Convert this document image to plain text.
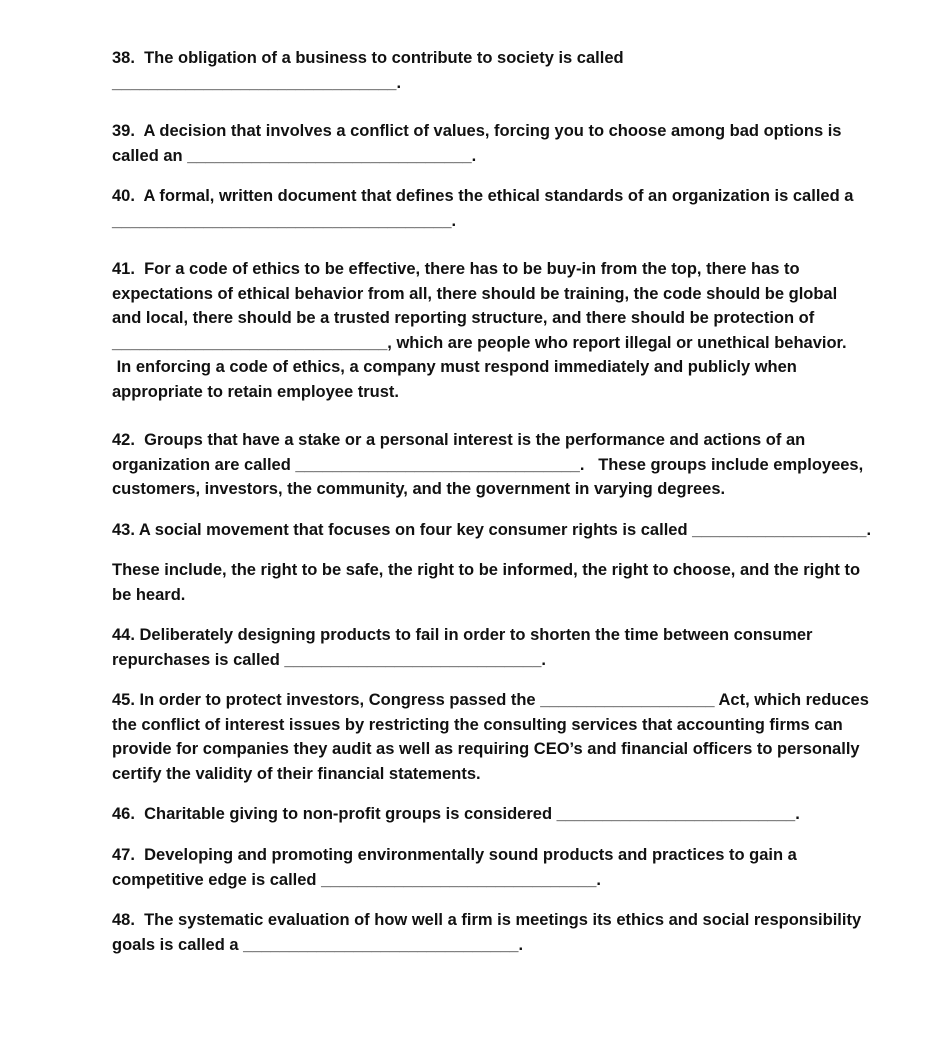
38.  The obligation of a business to contribute to society is called
_______________________________.
39.  A decision that involves a conflict of values, forcing you to choose among bad options is
called an _______________________________.
40.  A formal, written document that defines the ethical standards of an organization is called a
_____________________________________.
41.  For a code of ethics to be effective, there has to be buy-in from the top, there has to
expectations of ethical behavior from all, there should be training, the code should be global
and local, there should be a trusted reporting structure, and there should be protection of
______________________________, which are people who report illegal or unethical behavior.
In enforcing a code of ethics, a company must respond immediately and publicly when
appropriate to retain employee trust.
42.  Groups that have a stake or a personal interest is the performance and actions of an
organization are called _______________________________.   These groups include employees,
customers, investors, the community, and the government in varying degrees.
43. A social movement that focuses on four key consumer rights is called ___________________.
These include, the right to be safe, the right to be informed, the right to choose, and the right to
be heard.
44. Deliberately designing products to fail in order to shorten the time between consumer
repurchases is called ____________________________.
45. In order to protect investors, Congress passed the ___________________ Act, which reduces
the conflict of interest issues by restricting the consulting services that accounting firms can
provide for companies they audit as well as requiring CEO’s and financial officers to personally
certify the validity of their financial statements.
46.  Charitable giving to non-profit groups is considered __________________________.
47.  Developing and promoting environmentally sound products and practices to gain a
competitive edge is called ______________________________.
48.  The systematic evaluation of how well a firm is meetings its ethics and social responsibility
goals is called a ______________________________.
